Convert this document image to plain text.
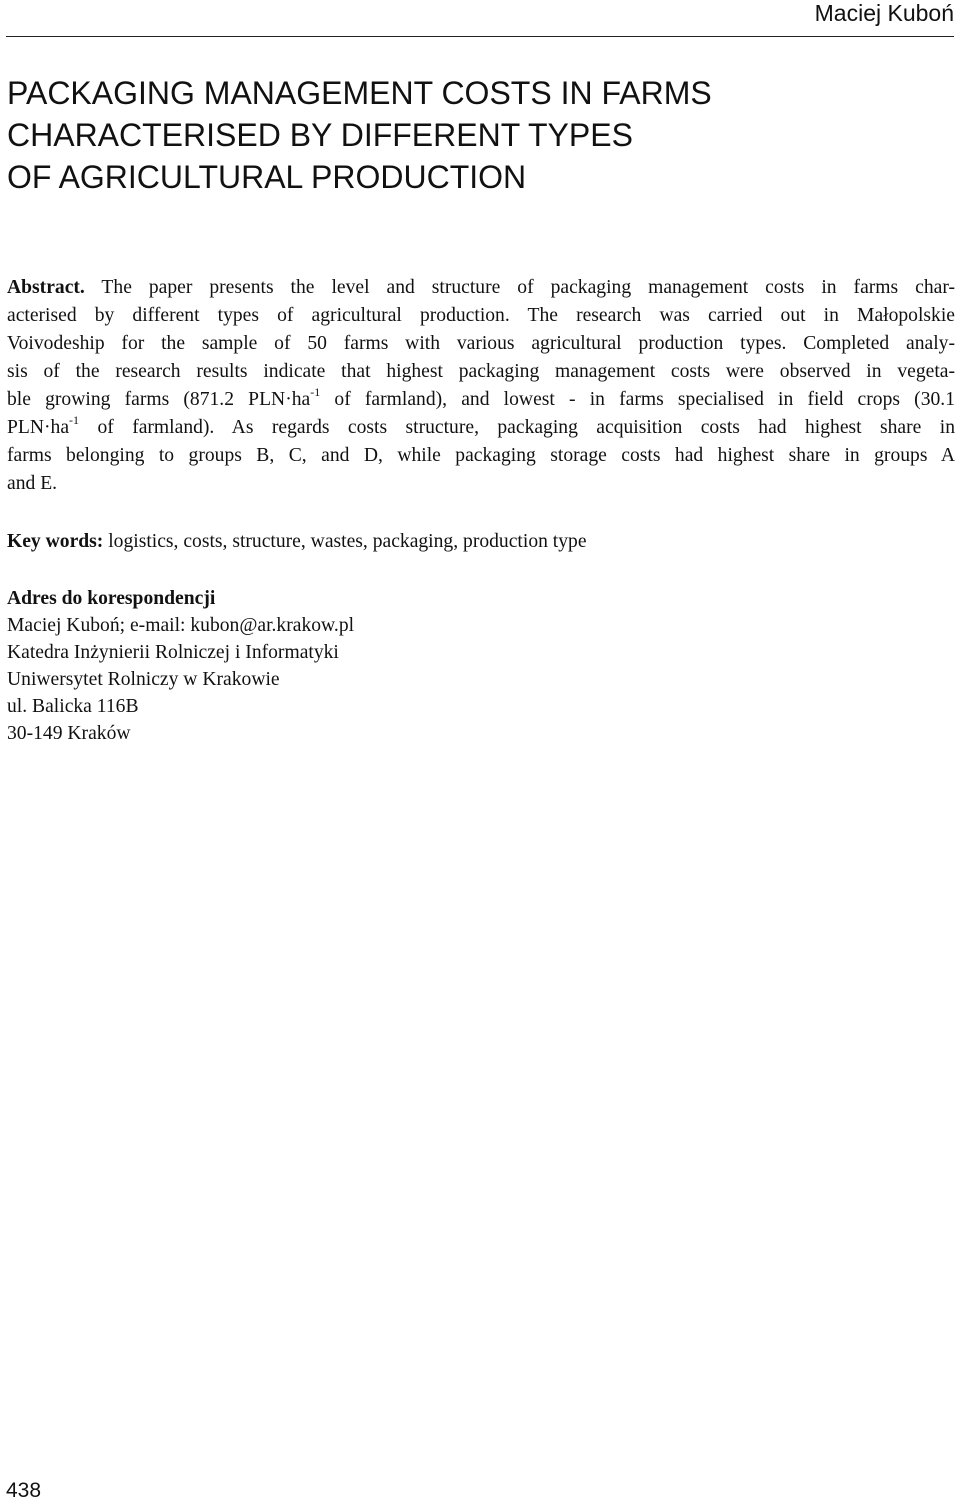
Maciej Kuboń
PACKAGING MANAGEMENT COSTS IN FARMS
CHARACTERISED BY DIFFERENT TYPES
OF AGRICULTURAL PRODUCTION
Abstract. The paper presents the level and structure of packaging management costs in farms char-
acterised by different types of agricultural production. The research was carried out in Małopolskie
Voivodeship for the sample of 50 farms with various agricultural production types. Completed analy-
sis of the research results indicate that highest packaging management costs were observed in vegeta-
ble growing farms (871.2 $PLN\cdot ha^{-1}$ of farmland), and lowest - in farms specialised in field crops (30.1
$PLN\cdot ha^{-1}$ of farmland). As regards costs structure, packaging acquisition costs had highest share in
farms belonging to groups B, C, and D, while packaging storage costs had highest share in groups A
and E.

Key words: logistics, costs, structure, wastes, packaging, production type

Adres do korespondencji
Maciej Kuboń; e-mail: kubon@ar.krakow.pl
Katedra Inżynierii Rolniczej i Informatyki
Uniwersytet Rolniczy w Krakowie
ul. Balicka 116B
30-149 Kraków
438
